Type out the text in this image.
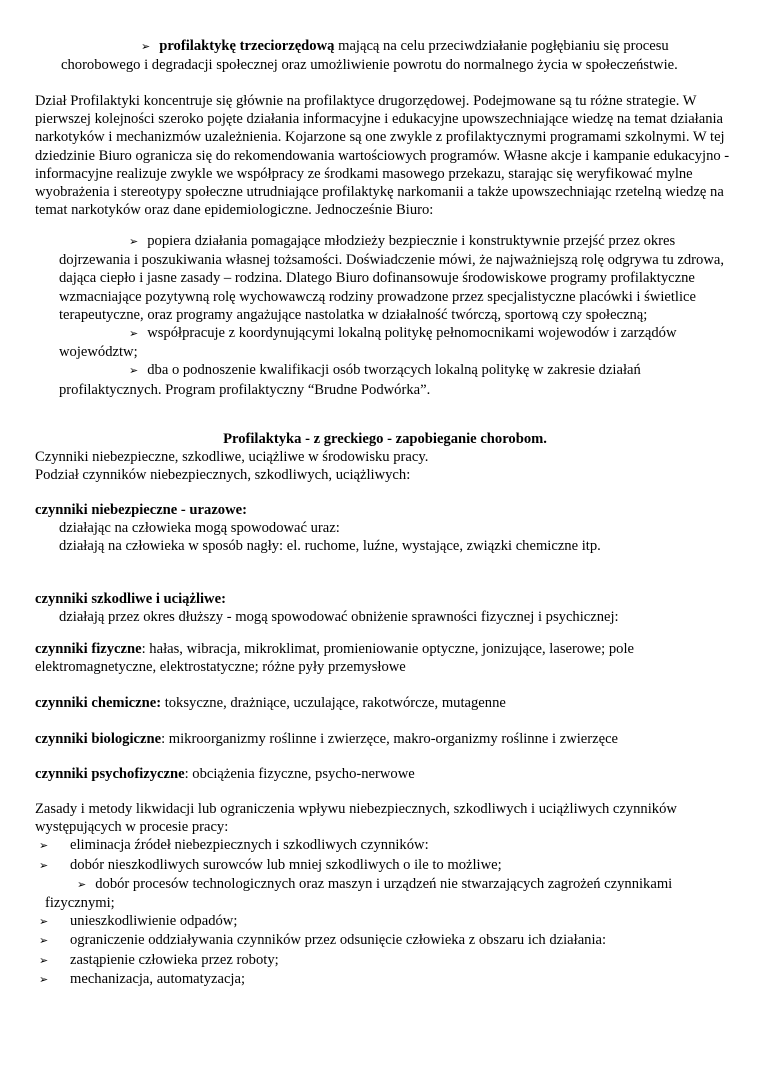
➢ profilaktykę trzeciorzędową mającą na celu przeciwdziałanie pogłębianiu się procesu chorobowego i degradacji społecznej oraz umożliwienie powrotu do normalnego życia w społeczeństwie.

Dział Profilaktyki koncentruje się głównie na profilaktyce drugorzędowej. Podejmowane są tu różne strategie. W pierwszej kolejności szeroko pojęte działania informacyjne i edukacyjne upowszechniające wiedzę na temat działania narkotyków i mechanizmów uzależnienia. Kojarzone są one zwykle z profilaktycznymi programami szkolnymi. W tej dziedzinie Biuro ogranicza się do rekomendowania wartościowych programów. Własne akcje i kampanie edukacyjno - informacyjne realizuje zwykle we współpracy ze środkami masowego przekazu, starając się weryfikować mylne wyobrażenia i stereotypy społeczne utrudniające profilaktykę narkomanii a także upowszechniając rzetelną wiedzę na temat narkotyków oraz dane epidemiologiczne. Jednocześnie Biuro:

➢ popiera działania pomagające młodzieży bezpiecznie i konstruktywnie przejść przez okres dojrzewania i poszukiwania własnej tożsamości. Doświadczenie mówi, że najważniejszą rolę odgrywa tu zdrowa, dająca ciepło i jasne zasady – rodzina. Dlatego Biuro dofinansowuje środowiskowe programy profilaktyczne wzmacniające pozytywną rolę wychowawczą rodziny prowadzone przez specjalistyczne placówki i świetlice terapeutyczne, oraz programy angażujące nastolatka w działalność twórczą, sportową czy społeczną;

➢ współpracuje z koordynującymi lokalną politykę pełnomocnikami wojewodów i zarządów województw;

➢ dba o podnoszenie kwalifikacji osób tworzących lokalną politykę w zakresie działań profilaktycznych. Program profilaktyczny “Brudne Podwórka”.

Profilaktyka - z greckiego - zapobieganie chorobom.

Czynniki niebezpieczne, szkodliwe, uciążliwe w środowisku pracy.

Podział czynników niebezpiecznych, szkodliwych, uciążliwych:

czynniki niebezpieczne - urazowe:

działając na człowieka mogą spowodować uraz:

działają na człowieka w sposób nagły: el. ruchome, luźne, wystające, związki chemiczne itp.

czynniki szkodliwe i uciążliwe:

działają przez okres dłuższy - mogą spowodować obniżenie sprawności fizycznej i psychicznej:

czynniki fizyczne: hałas, wibracja, mikroklimat, promieniowanie optyczne, jonizujące, laserowe; pole elektromagnetyczne, elektrostatyczne; różne pyły przemysłowe

czynniki chemiczne: toksyczne, drażniące, uczulające, rakotwórcze, mutagenne

czynniki biologiczne: mikroorganizmy roślinne i zwierzęce, makro-organizmy roślinne i zwierzęce

czynniki psychofizyczne: obciążenia fizyczne, psycho-nerwowe

Zasady i metody likwidacji lub ograniczenia wpływu niebezpiecznych, szkodliwych i uciążliwych czynników występujących w procesie pracy:

➢ eliminacja źródeł niebezpiecznych i szkodliwych czynników:

➢ dobór nieszkodliwych surowców lub mniej szkodliwych o ile to możliwe;

➢ dobór procesów technologicznych oraz maszyn i urządzeń nie stwarzających zagrożeń czynnikami fizycznymi;

➢ unieszkodliwienie odpadów;

➢ ograniczenie oddziaływania czynników przez odsunięcie człowieka z obszaru ich działania:

➢ zastąpienie człowieka przez roboty;

➢ mechanizacja, automatyzacja;
